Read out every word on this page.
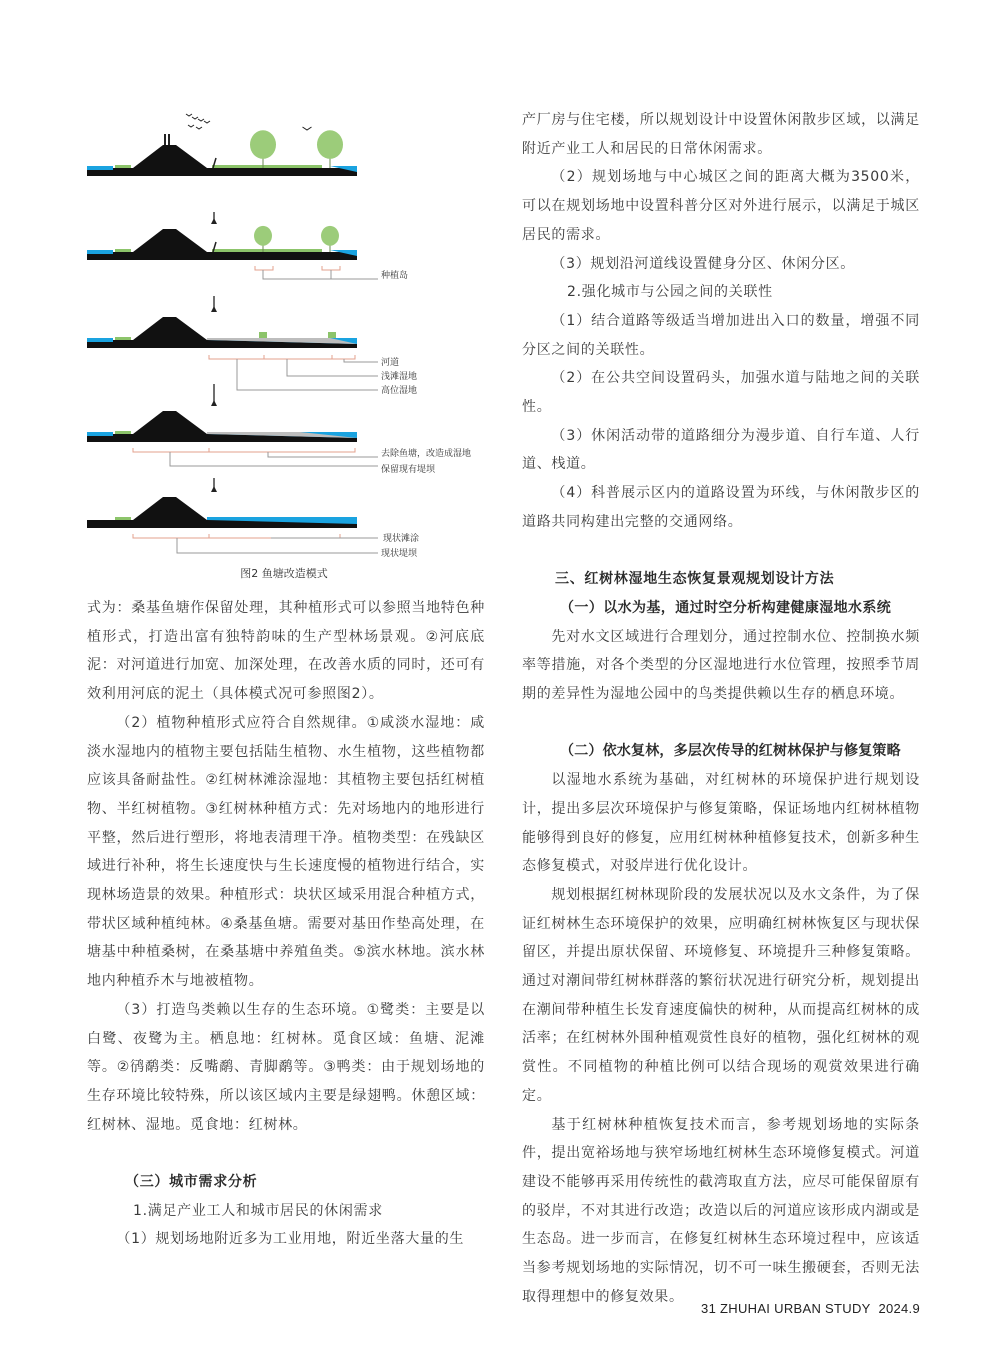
种植岛
河道
浅滩湿地
高位湿地
去除鱼塘，改造成湿地
保留现有堤坝
现状滩涂
现状堤坝
图2 鱼塘改造模式

式为：桑基鱼塘作保留处理，其种植形式可以参照当地特色种植形式，打造出富有独特韵味的生产型林场景观。②河底底泥：对河道进行加宽、加深处理，在改善水质的同时，还可有效利用河底的泥土（具体模式况可参照图2）。

（2）植物种植形式应符合自然规律。①咸淡水湿地：咸淡水湿地内的植物主要包括陆生植物、水生植物，这些植物都应该具备耐盐性。②红树林滩涂湿地：其植物主要包括红树植物、半红树植物。③红树林种植方式：先对场地内的地形进行平整，然后进行塑形，将地表清理干净。植物类型：在残缺区域进行补种，将生长速度快与生长速度慢的植物进行结合，实现林场造景的效果。种植形式：块状区域采用混合种植方式，带状区域种植纯林。④桑基鱼塘。需要对基田作垫高处理，在塘基中种植桑树，在桑基塘中养殖鱼类。⑤滨水林地。滨水林地内种植乔木与地被植物。

（3）打造鸟类赖以生存的生态环境。①鹭类：主要是以白鹭、夜鹭为主。栖息地：红树林。觅食区域：鱼塘、泥滩等。②鸻鹬类：反嘴鹬、青脚鹬等。③鸭类：由于规划场地的生存环境比较特殊，所以该区域内主要是绿翅鸭。休憩区域：红树林、湿地。觅食地：红树林。

（三）城市需求分析

1.满足产业工人和城市居民的休闲需求

（1）规划场地附近多为工业用地，附近坐落大量的生

产厂房与住宅楼，所以规划设计中设置休闲散步区域，以满足附近产业工人和居民的日常休闲需求。

（2）规划场地与中心城区之间的距离大概为3500米，可以在规划场地中设置科普分区对外进行展示，以满足于城区居民的需求。

（3）规划沿河道线设置健身分区、休闲分区。

2.强化城市与公园之间的关联性

（1）结合道路等级适当增加进出入口的数量，增强不同分区之间的关联性。

（2）在公共空间设置码头，加强水道与陆地之间的关联性。

（3）休闲活动带的道路细分为漫步道、自行车道、人行道、栈道。

（4）科普展示区内的道路设置为环线，与休闲散步区的道路共同构建出完整的交通网络。

三、红树林湿地生态恢复景观规划设计方法

（一）以水为基，通过时空分析构建健康湿地水系统

先对水文区域进行合理划分，通过控制水位、控制换水频率等措施，对各个类型的分区湿地进行水位管理，按照季节周期的差异性为湿地公园中的鸟类提供赖以生存的栖息环境。

（二）依水复林，多层次传导的红树林保护与修复策略

以湿地水系统为基础，对红树林的环境保护进行规划设计，提出多层次环境保护与修复策略，保证场地内红树林植物能够得到良好的修复，应用红树林种植修复技术，创新多种生态修复模式，对驳岸进行优化设计。

规划根据红树林现阶段的发展状况以及水文条件，为了保证红树林生态环境保护的效果，应明确红树林恢复区与现状保留区，并提出原状保留、环境修复、环境提升三种修复策略。通过对潮间带红树林群落的繁衍状况进行研究分析，规划提出在潮间带种植生长发育速度偏快的树种，从而提高红树林的成活率；在红树林外围种植观赏性良好的植物，强化红树林的观赏性。不同植物的种植比例可以结合现场的观赏效果进行确定。

基于红树林种植恢复技术而言，参考规划场地的实际条件，提出宽裕场地与狭窄场地红树林生态环境修复模式。河道建设不能够再采用传统性的截湾取直方法，应尽可能保留原有的驳岸，不对其进行改造；改造以后的河道应该形成内湖或是生态岛。进一步而言，在修复红树林生态环境过程中，应该适当参考规划场地的实际情况，切不可一味生搬硬套，否则无法取得理想中的修复效果。

31 ZHUHAI URBAN STUDY 2024.9
